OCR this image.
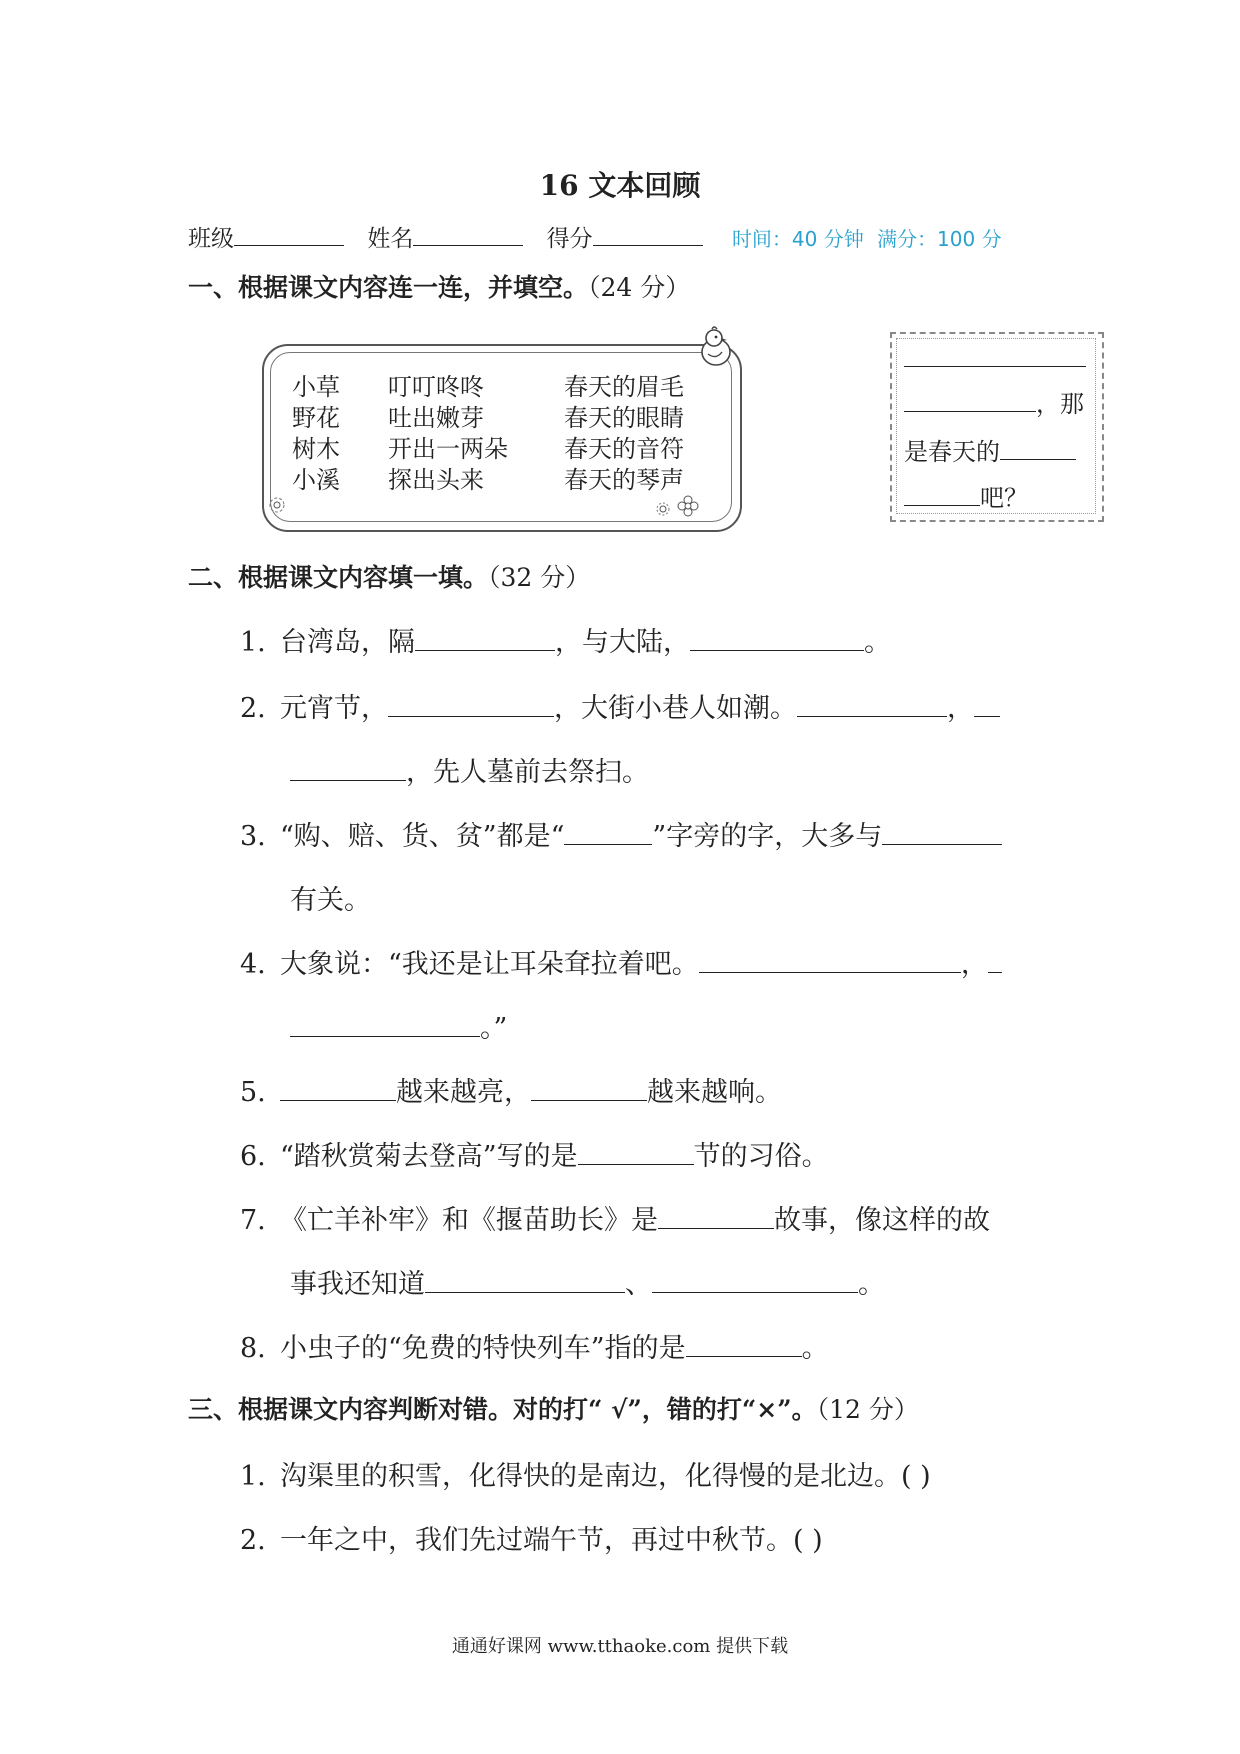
16 文本回顾
班级	姓名	得分	时间：40 分钟 满分：100 分
一、根据课文内容连一连，并填空。（24 分）
小草 叮叮咚咚	春天的眉毛
野花 吐出嫩芽	春天的眼睛
树木 开出一两朵 春天的音符
小溪 探出头来	春天的琴声
，那
是春天的
吧？
二、根据课文内容填一填。（32 分）
1. 台湾岛，隔	，与大陆，	。
2. 元宵节，	，大街小巷人如潮。	，
，先人墓前去祭扫。
3. “购、赔、货、贫”都是“	”字旁的字，大多与
有关。
4. 大象说：“我还是让耳朵耷拉着吧。	，
。”
5.	越来越亮，	越来越响。
6. “踏秋赏菊去登高”写的是	节的习俗。
7. 《亡羊补牢》和《揠苗助长》是	故事，像这样的故
事我还知道	、	。
8. 小虫子的“免费的特快列车”指的是	。
三、根据课文内容判断对错。对的打“ √”，错的打“×”。（12 分）
1. 沟渠里的积雪，化得快的是南边，化得慢的是北边。( )
2. 一年之中，我们先过端午节，再过中秋节。( )
通通好课网 www.tthaoke.com 提供下载
